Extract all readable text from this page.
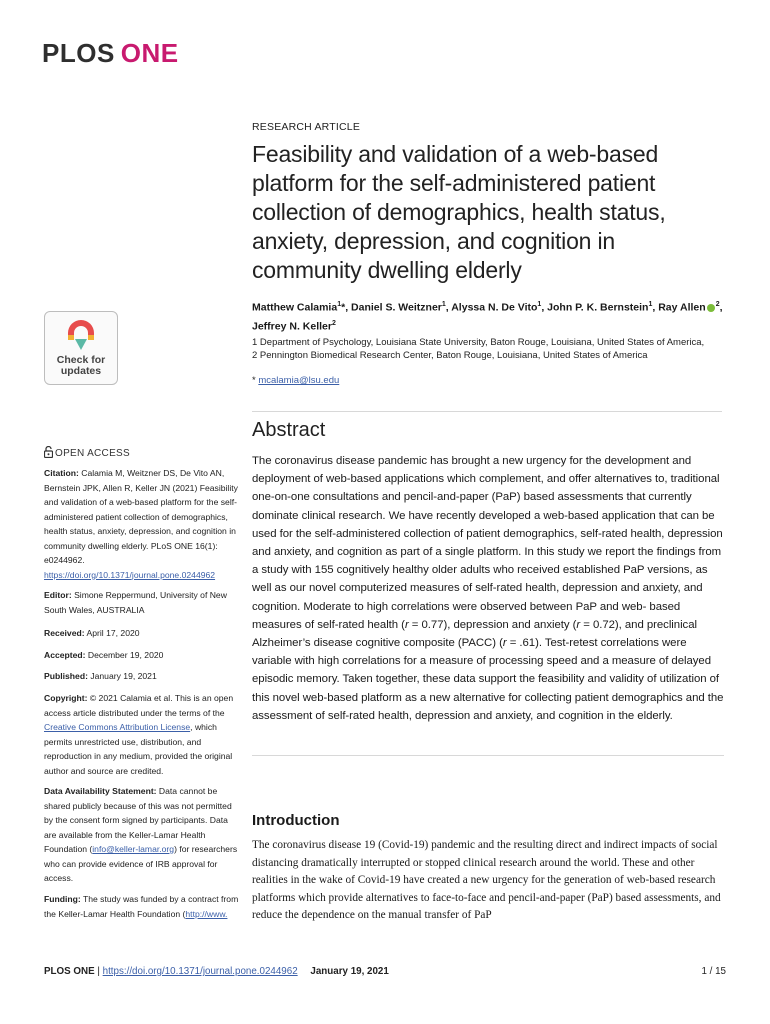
PLOS ONE
Check for
updates
RESEARCH ARTICLE
Feasibility and validation of a web-based platform for the self-administered patient collection of demographics, health status, anxiety, depression, and cognition in community dwelling elderly
Matthew Calamia$^1$*, Daniel S. Weitzner$^1$, Alyssa N. De Vito$^1$, John P. K. Bernstein$^1$, Ray Allen $^2$, Jeffrey N. Keller$^2$
1 Department of Psychology, Louisiana State University, Baton Rouge, Louisiana, United States of America,
2 Pennington Biomedical Research Center, Baton Rouge, Louisiana, United States of America
* mcalamia@lsu.edu
OPEN ACCESS
Citation: Calamia M, Weitzner DS, De Vito AN, Bernstein JPK, Allen R, Keller JN (2021) Feasibility and validation of a web-based platform for the self-administered patient collection of demographics, health status, anxiety, depression, and cognition in community dwelling elderly. PLoS ONE 16(1): e0244962. https://doi.org/10.1371/journal.pone.0244962
Editor: Simone Reppermund, University of New South Wales, AUSTRALIA
Received: April 17, 2020
Accepted: December 19, 2020
Published: January 19, 2021
Copyright: © 2021 Calamia et al. This is an open access article distributed under the terms of the Creative Commons Attribution License, which permits unrestricted use, distribution, and reproduction in any medium, provided the original author and source are credited.
Data Availability Statement: Data cannot be shared publicly because of this was not permitted by the consent form signed by participants. Data are available from the Keller-Lamar Health Foundation (info@keller-lamar.org) for researchers who can provide evidence of IRB approval for access.
Funding: The study was funded by a contract from the Keller-Lamar Health Foundation (http://www.
Abstract
The coronavirus disease pandemic has brought a new urgency for the development and deployment of web-based applications which complement, and offer alternatives to, traditional one-on-one consultations and pencil-and-paper (PaP) based assessments that currently dominate clinical research. We have recently developed a web-based application that can be used for the self-administered collection of patient demographics, self-rated health, depression and anxiety, and cognition as part of a single platform. In this study we report the findings from a study with 155 cognitively healthy older adults who received established PaP versions, as well as our novel computerized measures of self-rated health, depression and anxiety, and cognition. Moderate to high correlations were observed between PaP and web- based measures of self-rated health (r = 0.77), depression and anxiety (r = 0.72), and preclinical Alzheimer’s disease cognitive composite (PACC) (r = .61). Test-retest correlations were variable with high correlations for a measure of processing speed and a measure of delayed episodic memory. Taken together, these data support the feasibility and validity of utilization of this novel web-based platform as a new alternative for collecting patient demographics and the assessment of self-rated health, depression and anxiety, and cognition in the elderly.
Introduction
The coronavirus disease 19 (Covid-19) pandemic and the resulting direct and indirect impacts of social distancing dramatically interrupted or stopped clinical research around the world. These and other realities in the wake of Covid-19 have created a new urgency for the generation of web-based research platforms which provide alternatives to face-to-face and pencil-and-paper (PaP) based assessments, and reduce the dependence on the manual transfer of PaP
PLOS ONE | https://doi.org/10.1371/journal.pone.0244962 January 19, 2021	1 / 15
